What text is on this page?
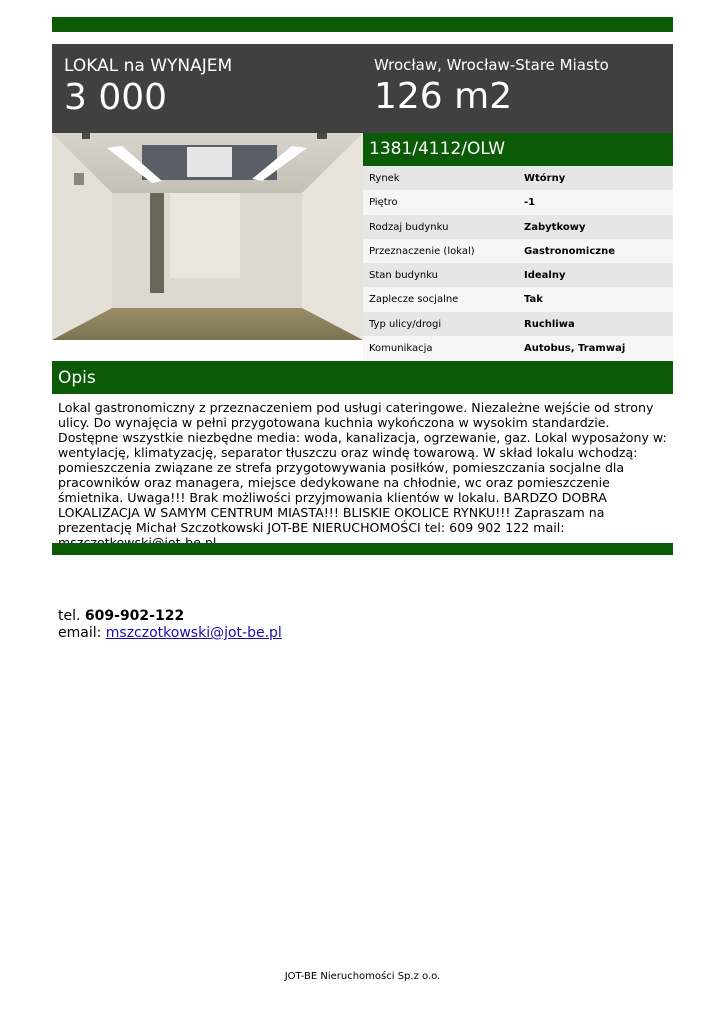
LOKAL na WYNAJEM
3 000
Wrocław, Wrocław-Stare Miasto
126 m2
1381/4112/OLW
Rynek	Wtórny
Piętro	-1
Rodzaj budynku	Zabytkowy
Przeznaczenie (lokal)	Gastronomiczne
Stan budynku	Idealny
Zaplecze socjalne	Tak
Typ ulicy/drogi	Ruchliwa
Komunikacja	Autobus, Tramwaj
Opis
Lokal gastronomiczny z przeznaczeniem pod usługi cateringowe. Niezależne wejście od strony ulicy. Do wynajęcia w pełni przygotowana kuchnia wykończona w wysokim standardzie. Dostępne wszystkie niezbędne media: woda, kanalizacja, ogrzewanie, gaz. Lokal wyposażony w: wentylację, klimatyzację, separator tłuszczu oraz windę towarową. W skład lokalu wchodzą: pomieszczenia związane ze strefa przygotowywania posiłków, pomieszczania socjalne dla pracowników oraz managera, miejsce dedykowane na chłodnie, wc oraz pomieszczenie śmietnika. Uwaga!!! Brak możliwości przyjmowania klientów w lokalu. BARDZO DOBRA LOKALIZACJA W SAMYM CENTRUM MIASTA!!! BLISKIE OKOLICE RYNKU!!! Zapraszam na prezentację Michał Szczotkowski JOT-BE NIERUCHOMOŚCI tel: 609 902 122 mail:
tel. 609-902-122
email: mszczotkowski@jot-be.pl
JOT-BE Nieruchomości Sp.z o.o.
